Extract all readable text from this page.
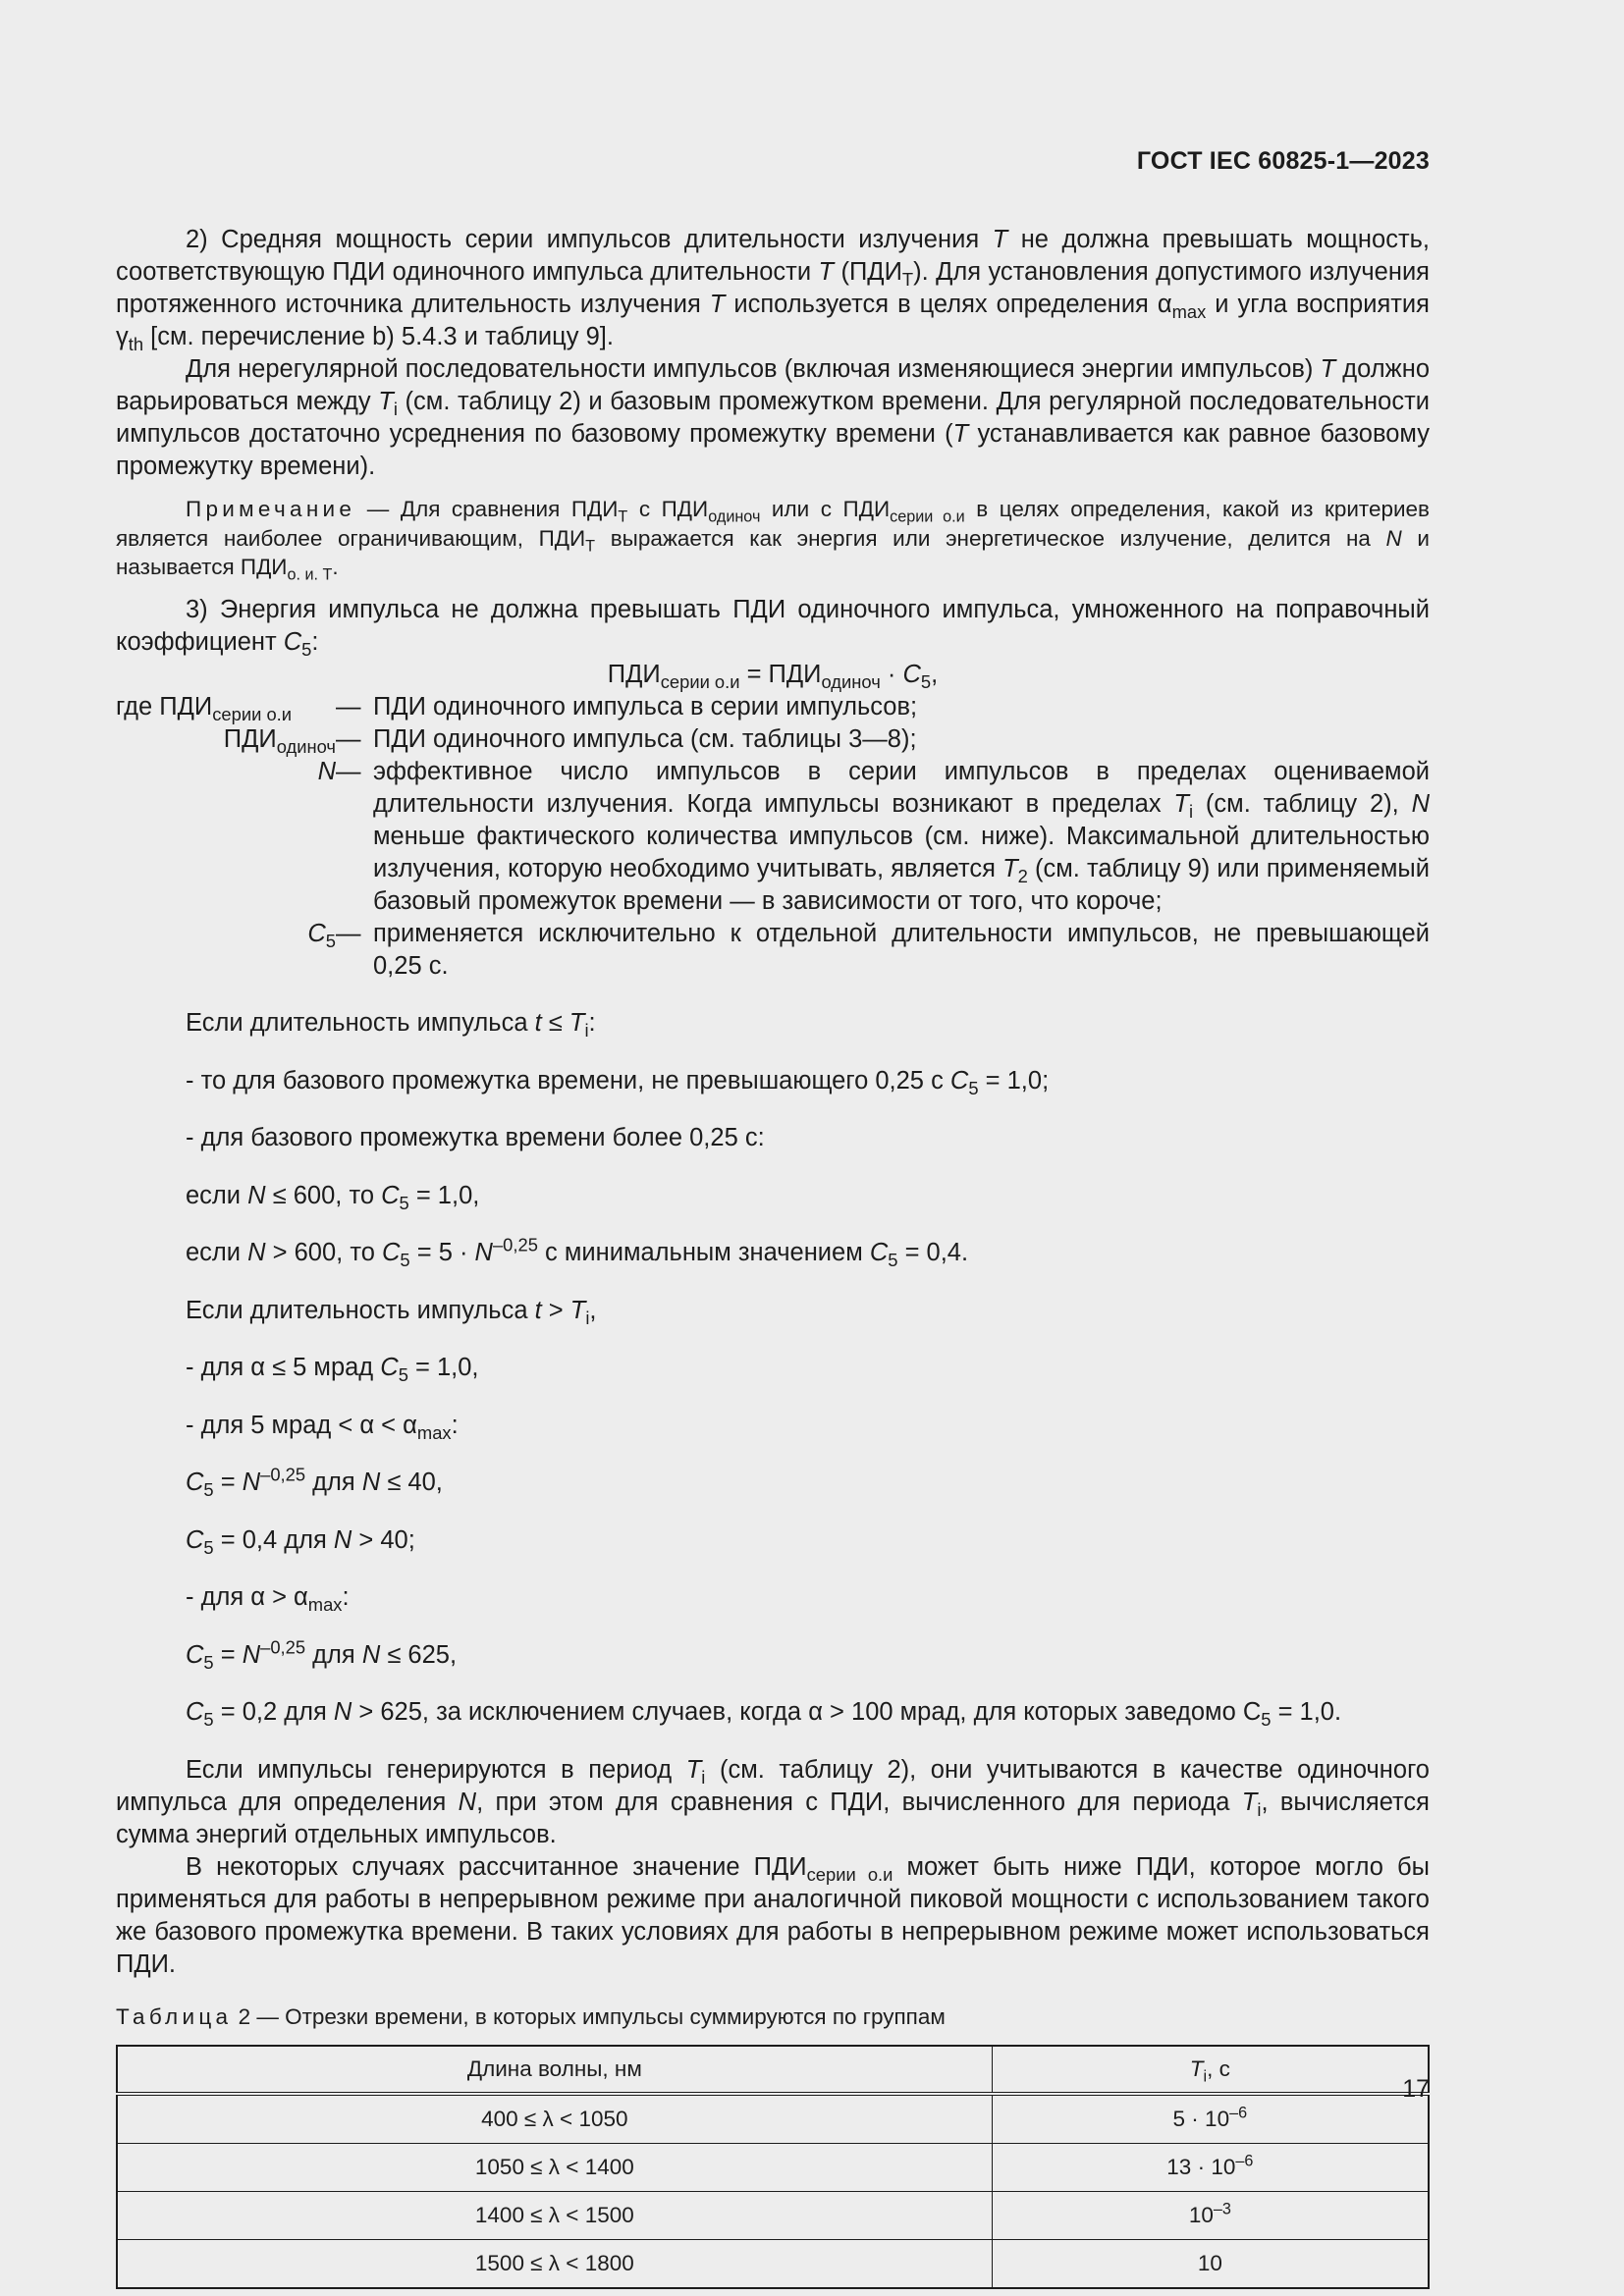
ГОСТ IEC 60825-1—2023

2) Средняя мощность серии импульсов длительности излучения T не должна превышать мощность, соответствующую ПДИ одиночного импульса длительности T $(ПДИ_T)$. Для установления допустимого излучения протяженного источника длительность излучения T используется в целях определения $\alpha_{max}$ и угла восприятия $\gamma_{th}$ [см. перечисление b) 5.4.3 и таблицу 9].

Для нерегулярной последовательности импульсов (включая изменяющиеся энергии импульсов) T должно варьироваться между $T_i$ (см. таблицу 2) и базовым промежутком времени. Для регулярной последовательности импульсов достаточно усреднения по базовому промежутку времени (T устанавливается как равное базовому промежутку времени).

Примечание — Для сравнения $ПДИ_T$ с $ПДИ_{одиноч}$ или с $ПДИ_{серии о.и}$ в целях определения, какой из критериев является наиболее ограничивающим, $ПДИ_T$ выражается как энергия или энергетическое излучение, делится на N и называется $ПДИ_{о. и. T}$.

3) Энергия импульса не должна превышать ПДИ одиночного импульса, умноженного на поправочный коэффициент $C_5$:

$ПДИ_{серии о.и} = ПДИ_{одиноч} \cdot C_5$,

где $ПДИ_{серии о.и}$	—	ПДИ одиночного импульса в серии импульсов;
$ПДИ_{одиноч}$	—	ПДИ одиночного импульса (см. таблицы 3—8);
N	—	эффективное число импульсов в серии импульсов в пределах оцениваемой длительности излучения. Когда импульсы возникают в пределах $T_i$ (см. таблицу 2), N меньше фактического количества импульсов (см. ниже). Максимальной длительностью излучения, которую необходимо учитывать, является $T_2$ (см. таблицу 9) или применяемый базовый промежуток времени — в зависимости от того, что короче;
$C_5$	—	применяется исключительно к отдельной длительности импульсов, не превышающей 0,25 с.

Если длительность импульса $t \le T_i$:

- то для базового промежутка времени, не превышающего 0,25 с $C_5 = 1,0$;

- для базового промежутка времени более 0,25 с:

если N ≤ 600, то $C_5 = 1,0$,

если N > 600, то $C_5 = 5 \cdot N^{-0,25}$ с минимальным значением $C_5 = 0,4$.

Если длительность импульса $t > T_i$,

- для α ≤ 5 мрад $C_5 = 1,0$,

- для 5 мрад < $\alpha < \alpha_{max}$:

$C_5 = N^{-0,25}$ для N ≤ 40,

$C_5 = 0,4$ для N > 40;

- для $\alpha > \alpha_{max}$:

$C_5 = N^{-0,25}$ для N ≤ 625,

$C_5 = 0,2$ для N > 625, за исключением случаев, когда α > 100 мрад, для которых заведомо $C_5 = 1,0$.

Если импульсы генерируются в период $T_i$ (см. таблицу 2), они учитываются в качестве одиночного импульса для определения N, при этом для сравнения с ПДИ, вычисленного для периода $T_i$, вычисляется сумма энергий отдельных импульсов.

В некоторых случаях рассчитанное значение $ПДИ_{серии о.и}$ может быть ниже ПДИ, которое могло бы применяться для работы в непрерывном режиме при аналогичной пиковой мощности с использованием такого же базового промежутка времени. В таких условиях для работы в непрерывном режиме может использоваться ПДИ.

Таблица 2 — Отрезки времени, в которых импульсы суммируются по группам
Длина волны, нм	$T_i$, с
400 ≤ λ < 1050	$5 \cdot 10^{-6}$
1050 ≤ λ < 1400	$13 \cdot 10^{-6}$
1400 ≤ λ < 1500	$10^{-3}$
1500 ≤ λ < 1800	10
17
